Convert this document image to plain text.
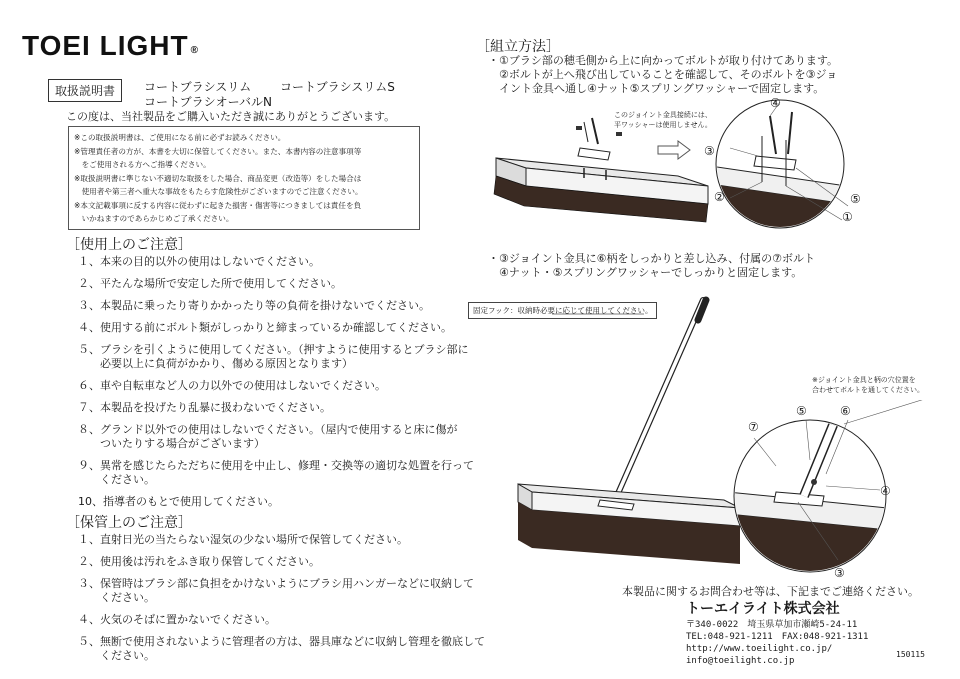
TOEI LIGHT ®
取扱説明書	コートブラシスリム コートブラシスリムS
コートブラシオーバルN
この度は、当社製品をご購入いただき誠にありがとうございます。
※この取扱説明書は、ご使用になる前に必ずお読みください。
※管理責任者の方が、本書を大切に保管してください。また、本書内容の注意事項等
　をご使用される方へご指導ください。
※取扱説明書に準じない不適切な取扱をした場合、商品変更（改造等）をした場合は
　使用者や第三者へ重大な事故をもたらす危険性がございますのでご注意ください。
※本文記載事項に反する内容に従わずに起きた損害・傷害等につきましては責任を負
　いかねますのであらかじめご了承ください。
［使用上のご注意］
１、本来の目的以外の使用はしないでください。
２、平たんな場所で安定した所で使用してください。
３、本製品に乗ったり寄りかかったり等の負荷を掛けないでください。
４、使用する前にボルト類がしっかりと締まっているか確認してください。
５、ブラシを引くように使用してください。（押すように使用するとブラシ部に
　　必要以上に負荷がかかり、傷める原因となります）
６、車や自転車など人の力以外での使用はしないでください。
７、本製品を投げたり乱暴に扱わないでください。
８、グランド以外での使用はしないでください。（屋内で使用すると床に傷が
　　ついたりする場合がございます）
９、異常を感じたらただちに使用を中止し、修理・交換等の適切な処置を行って
　　ください。
10、指導者のもとで使用してください。
［保管上のご注意］
１、直射日光の当たらない湿気の少ない場所で保管してください。
２、使用後は汚れをふき取り保管してください。
３、保管時はブラシ部に負担をかけないようにブラシ用ハンガーなどに収納して
　　ください。
４、火気のそばに置かないでください。
５、無断で使用されないように管理者の方は、器具庫などに収納し管理を徹底して
　　ください。
［組立方法］
・①ブラシ部の穂毛側から上に向かってボルトが取り付けてあります。
　②ボルトが上へ飛び出していることを確認して、そのボルトを③ジョ
　イント金具へ通し④ナット⑤スプリングワッシャーで固定します。
このジョイント金具接続には、
平ワッシャーは使用しません。
④
③
②	⑤
①
・③ジョイント金具に⑥柄をしっかりと差し込み、付属の⑦ボルト
　④ナット・⑤スプリングワッシャーでしっかりと固定します。
固定フック：収納時必要に応じて使用してください。
※ジョイント金具と柄の穴位置を
合わせてボルトを通してください。
⑦
⑤	⑥
④
③
本製品に関するお問合わせ等は、下記までご連絡ください。
トーエイライト株式会社
〒340-0022　埼玉県草加市瀬崎5-24-11
TEL:048-921-1211　FAX:048-921-1311
http://www.toeilight.co.jp/
info@toeilight.co.jp
150115
